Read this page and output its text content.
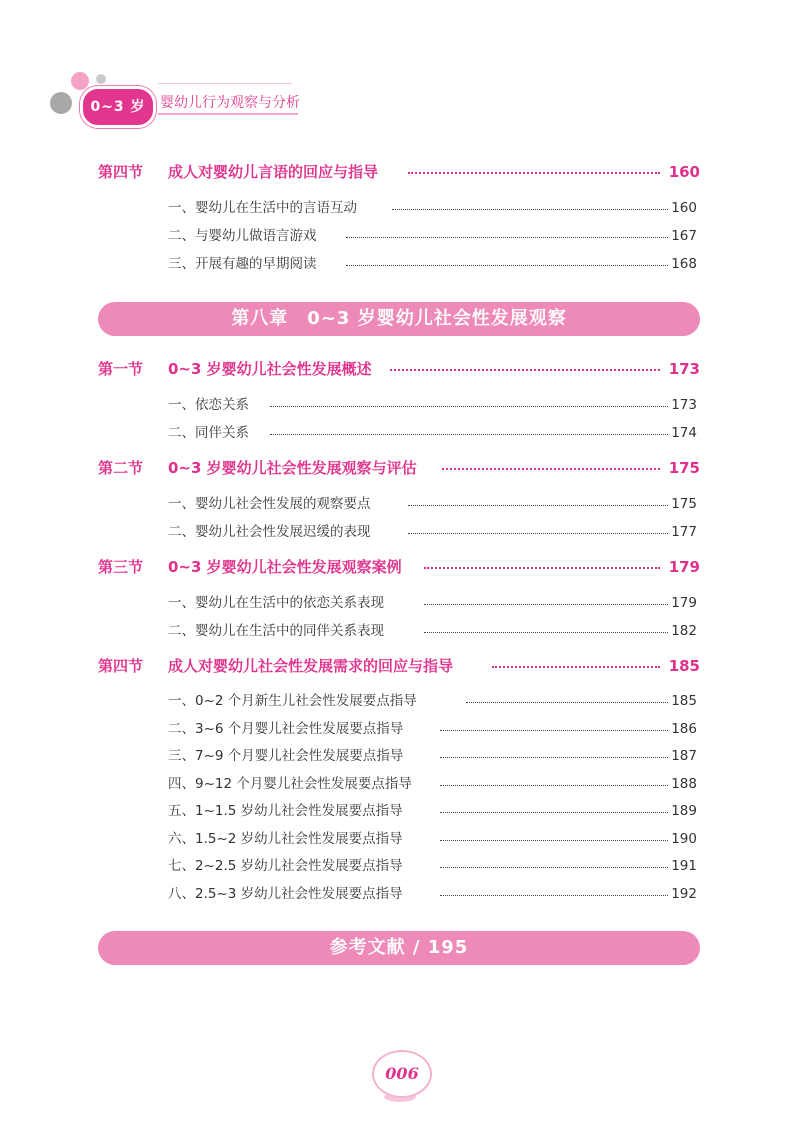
0~3 岁	婴幼儿行为观察与分析
第四节 成人对婴幼儿言语的回应与指导	160
一、婴幼儿在生活中的言语互动	160
二、与婴幼儿做语言游戏	167
三、开展有趣的早期阅读	168
第八章　0~3 岁婴幼儿社会性发展观察
第一节 0~3 岁婴幼儿社会性发展概述	173
一、依恋关系	173
二、同伴关系	174
第二节 0~3 岁婴幼儿社会性发展观察与评估	175
一、婴幼儿社会性发展的观察要点	175
二、婴幼儿社会性发展迟缓的表现	177
第三节 0~3 岁婴幼儿社会性发展观察案例	179
一、婴幼儿在生活中的依恋关系表现	179
二、婴幼儿在生活中的同伴关系表现	182
第四节 成人对婴幼儿社会性发展需求的回应与指导	185
一、0~2 个月新生儿社会性发展要点指导	185
二、3~6 个月婴儿社会性发展要点指导	186
三、7~9 个月婴儿社会性发展要点指导	187
四、9~12 个月婴儿社会性发展要点指导	188
五、1~1.5 岁幼儿社会性发展要点指导	189
六、1.5~2 岁幼儿社会性发展要点指导	190
七、2~2.5 岁幼儿社会性发展要点指导	191
八、2.5~3 岁幼儿社会性发展要点指导	192
参考文献 / 195
006
